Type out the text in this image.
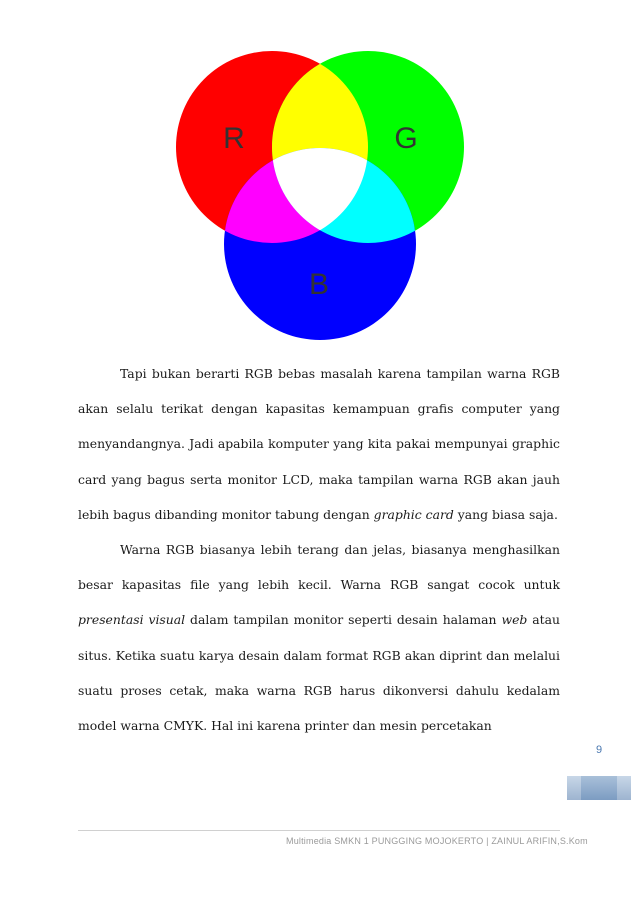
R	G
B

Tapi bukan berarti RGB bebas masalah karena tampilan warna RGB akan selalu terikat dengan kapasitas kemampuan grafis computer yang menyandangnya. Jadi apabila komputer yang kita pakai mempunyai graphic card yang bagus serta monitor LCD, maka tampilan warna RGB akan jauh lebih bagus dibanding monitor tabung dengan graphic card yang biasa saja.

Warna RGB biasanya lebih terang dan jelas, biasanya menghasilkan besar kapasitas file yang lebih kecil. Warna RGB sangat cocok untuk presentasi visual dalam tampilan monitor seperti desain halaman web atau situs. Ketika suatu karya desain dalam format RGB akan diprint dan melalui suatu proses cetak, maka warna RGB harus dikonversi dahulu kedalam model warna CMYK. Hal ini karena printer dan mesin percetakan

9
Multimedia SMKN 1 PUNGGING MOJOKERTO | ZAINUL ARIFIN,S.Kom
